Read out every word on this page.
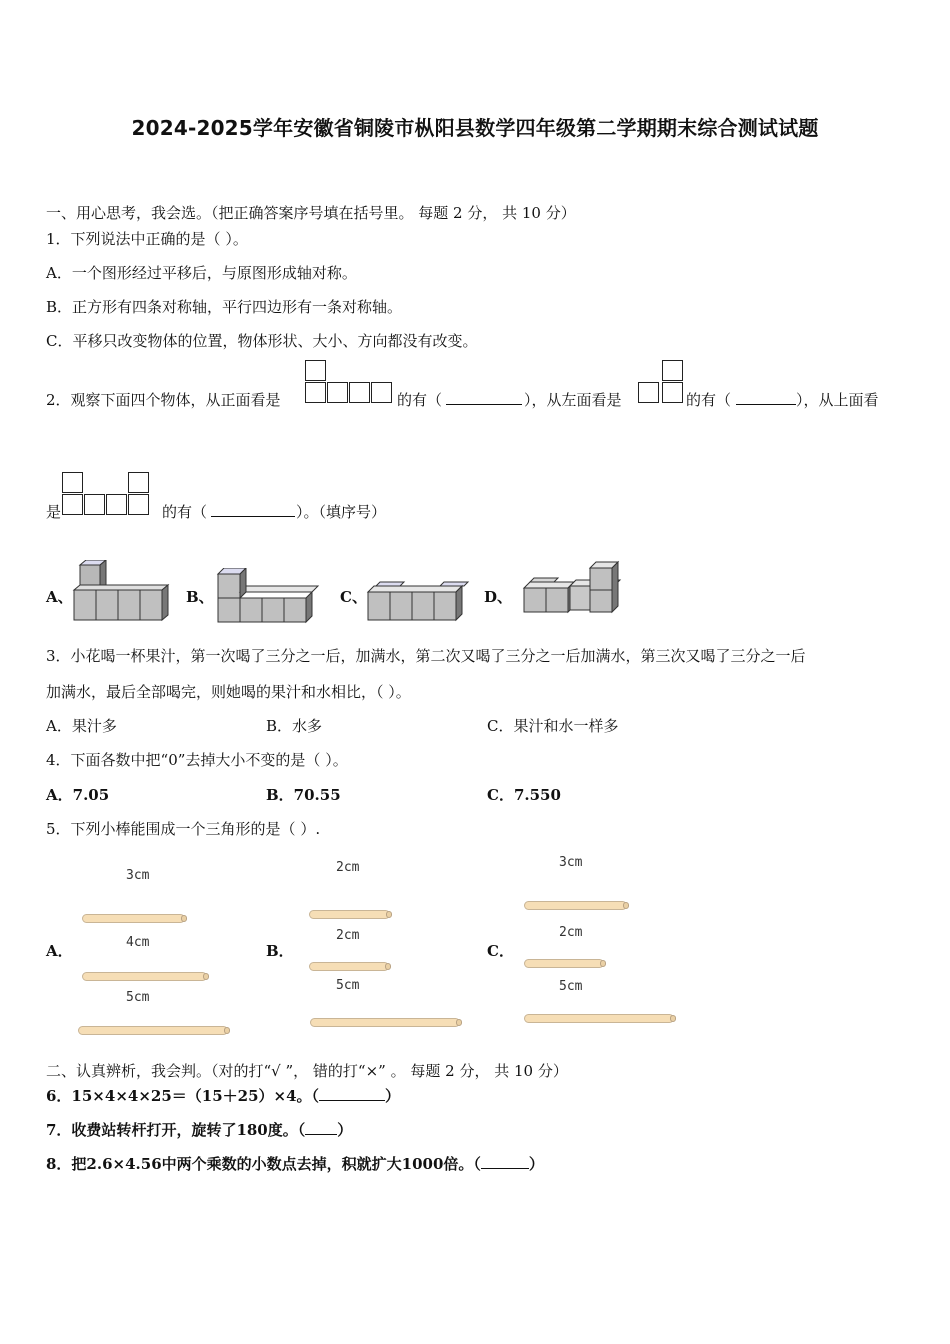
2024-2025学年安徽省铜陵市枞阳县数学四年级第二学期期末综合测试试题
一、用心思考，我会选。（把正确答案序号填在括号里。 每题 2 分， 共 10 分）
1．下列说法中正确的是（ ）。
A．一个图形经过平移后，与原图形成轴对称。
B．正方形有四条对称轴，平行四边形有一条对称轴。
C．平移只改变物体的位置，物体形状、大小、方向都没有改变。
2．观察下面四个物体，从正面看是	的有（	），从左面看是	的有（	），从上面看
是	的有（	）。（填序号）
A、	B、	C、	D、
3．小花喝一杯果汁，第一次喝了三分之一后，加满水，第二次又喝了三分之一后加满水，第三次又喝了三分之一后
加满水，最后全部喝完，则她喝的果汁和水相比，（ ）。
A．果汁多	B．水多	C．果汁和水一样多
4．下面各数中把“0”去掉大小不变的是（ ）。
A．7.05	B．70.55	C．7.550
5．下列小棒能围成一个三角形的是（ ）.
A．
3cm
4cm
5cm
B．
2cm
2cm
5cm
C．
3cm
2cm
5cm
二、认真辨析，我会判。（对的打“√ ”， 错的打“×” 。 每题 2 分， 共 10 分）
6．15×4×4×25＝（15＋25）×4。（	）
7．收费站转杆打开，旋转了180度。（ ）
8．把2.6×4.56中两个乘数的小数点去掉，积就扩大1000倍。（	）
